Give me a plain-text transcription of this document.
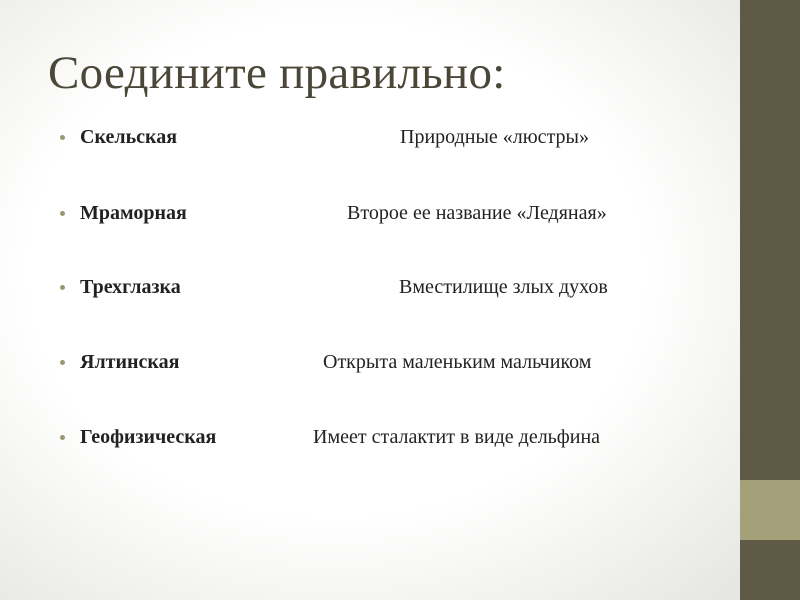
Соедините правильно:
Скельская	Природные «люстры»
Мраморная	Второе ее название «Ледяная»
Трехглазка	Вместилище злых духов
Ялтинская	Открыта маленьким мальчиком
Геофизическая	Имеет сталактит в виде дельфина
